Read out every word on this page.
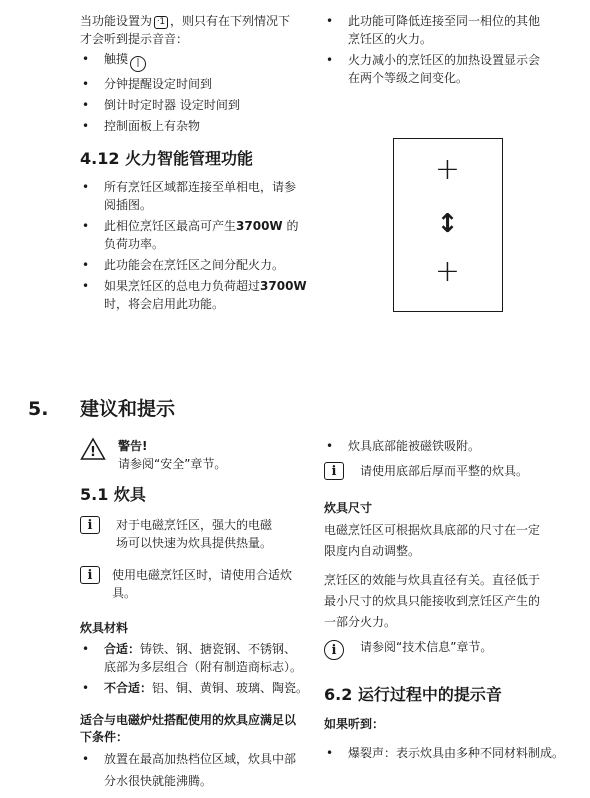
当功能设置为 ᐧ1 ，则只有在下列情况下
才会听到提示音音：
• 触摸 |
• 分钟提醒设定时间到
• 倒计时定时器 设定时间到
• 控制面板上有杂物
• 此功能可降低连接至同一相位的其他
烹饪区的火力。
• 火力减小的烹饪区的加热设置显示会
在两个等级之间变化。
4.12 火力智能管理功能
• 所有烹饪区域都连接至单相电，请参
阅插图。
• 此相位烹饪区最高可产生3700W 的
负荷功率。
• 此功能会在烹饪区之间分配火力。
• 如果烹饪区的总电力负荷超过3700W
时，将会启用此功能。
+
↕
+
5. 建议和提示
! 警告!
请参阅“安全”章节。
5.1 炊具
i	对于电磁烹饪区，强大的电磁
场可以快速为炊具提供热量。
i	使用电磁烹饪区时，请使用合适炊
具。
炊具材料
• 合适：铸铁、钢、搪瓷钢、不锈钢、
底部为多层组合（附有制造商标志）。
• 不合适：铝、铜、黄铜、玻璃、陶瓷。
适合与电磁炉灶搭配使用的炊具应满足以
下条件：
• 放置在最高加热档位区域，炊具中部
分水很快就能沸腾。
• 炊具底部能被磁铁吸附。
i	请使用底部后厚而平整的炊具。
炊具尺寸
电磁烹饪区可根据炊具底部的尺寸在一定
限度内自动调整。
烹饪区的效能与炊具直径有关。直径低于
最小尺寸的炊具只能接收到烹饪区产生的
一部分火力。
i	请参阅“技术信息”章节。
6.2 运行过程中的提示音
如果听到：
• 爆裂声：表示炊具由多种不同材料制成。
